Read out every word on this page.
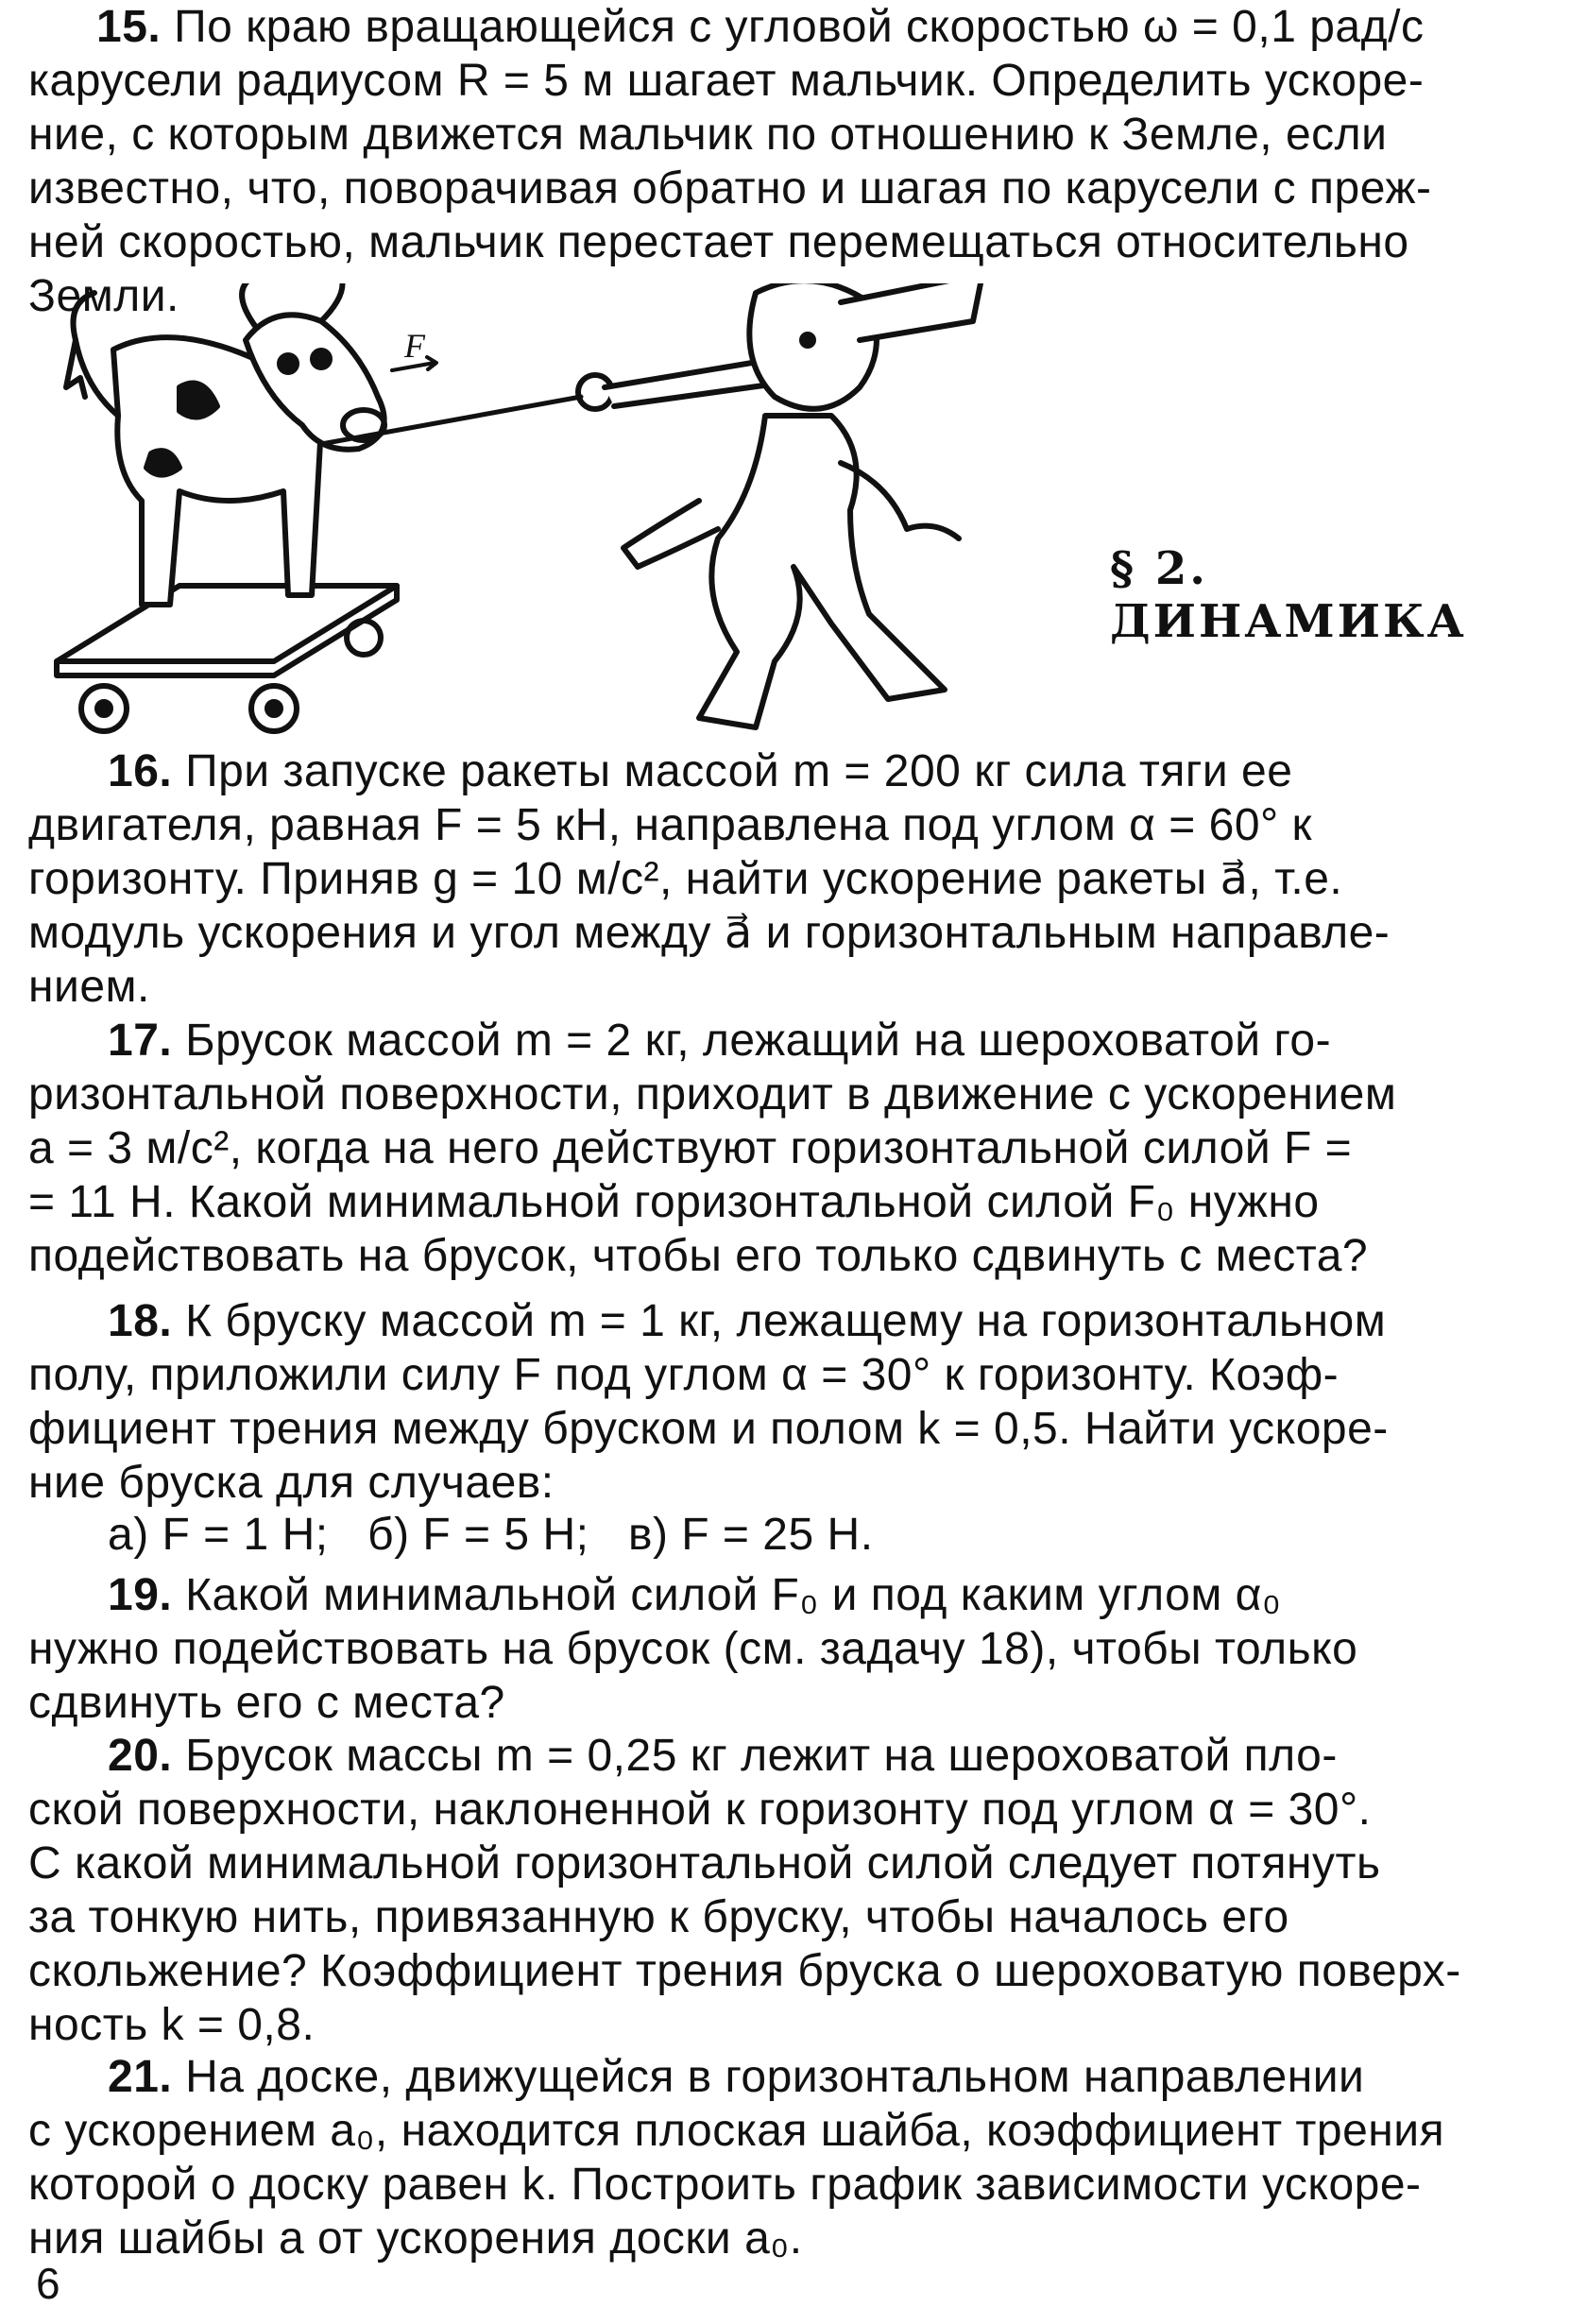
15. По краю вращающейся с угловой скоростью ω = 0,1 рад/с
карусели радиусом R = 5 м шагает мальчик. Определить ускоре-
ние, с которым движется мальчик по отношению к Земле, если
известно, что, поворачивая обратно и шагая по карусели с преж-
ней скоростью, мальчик перестает перемещаться относительно
Земли.
F
§ 2. ДИНАМИКА
16. При запуске ракеты массой m = 200 кг сила тяги ее
двигателя, равная F = 5 кН, направлена под углом α = 60° к
горизонту. Приняв g = 10 м/с², найти ускорение ракеты a⃗, т.е.
модуль ускорения и угол между a⃗ и горизонтальным направле-
нием.
17. Брусок массой m = 2 кг, лежащий на шероховатой го-
ризонтальной поверхности, приходит в движение с ускорением
a = 3 м/с², когда на него действуют горизонтальной силой F =
= 11 Н. Какой минимальной горизонтальной силой F₀ нужно
подействовать на брусок, чтобы его только сдвинуть с места?
18. К бруску массой m = 1 кг, лежащему на горизонтальном
полу, приложили силу F под углом α = 30° к горизонту. Коэф-
фициент трения между бруском и полом k = 0,5. Найти ускоре-
ние бруска для случаев:
а) F = 1 Н;   б) F = 5 Н;   в) F = 25 Н.
19. Какой минимальной силой F₀ и под каким углом α₀
нужно подействовать на брусок (см. задачу 18), чтобы только
сдвинуть его с места?
20. Брусок массы m = 0,25 кг лежит на шероховатой пло-
ской поверхности, наклоненной к горизонту под углом α = 30°.
С какой минимальной горизонтальной силой следует потянуть
за тонкую нить, привязанную к бруску, чтобы началось его
скольжение? Коэффициент трения бруска о шероховатую поверх-
ность k = 0,8.
21. На доске, движущейся в горизонтальном направлении
с ускорением a₀, находится плоская шайба, коэффициент трения
которой о доску равен k. Построить график зависимости ускоре-
ния шайбы a от ускорения доски a₀.
6
